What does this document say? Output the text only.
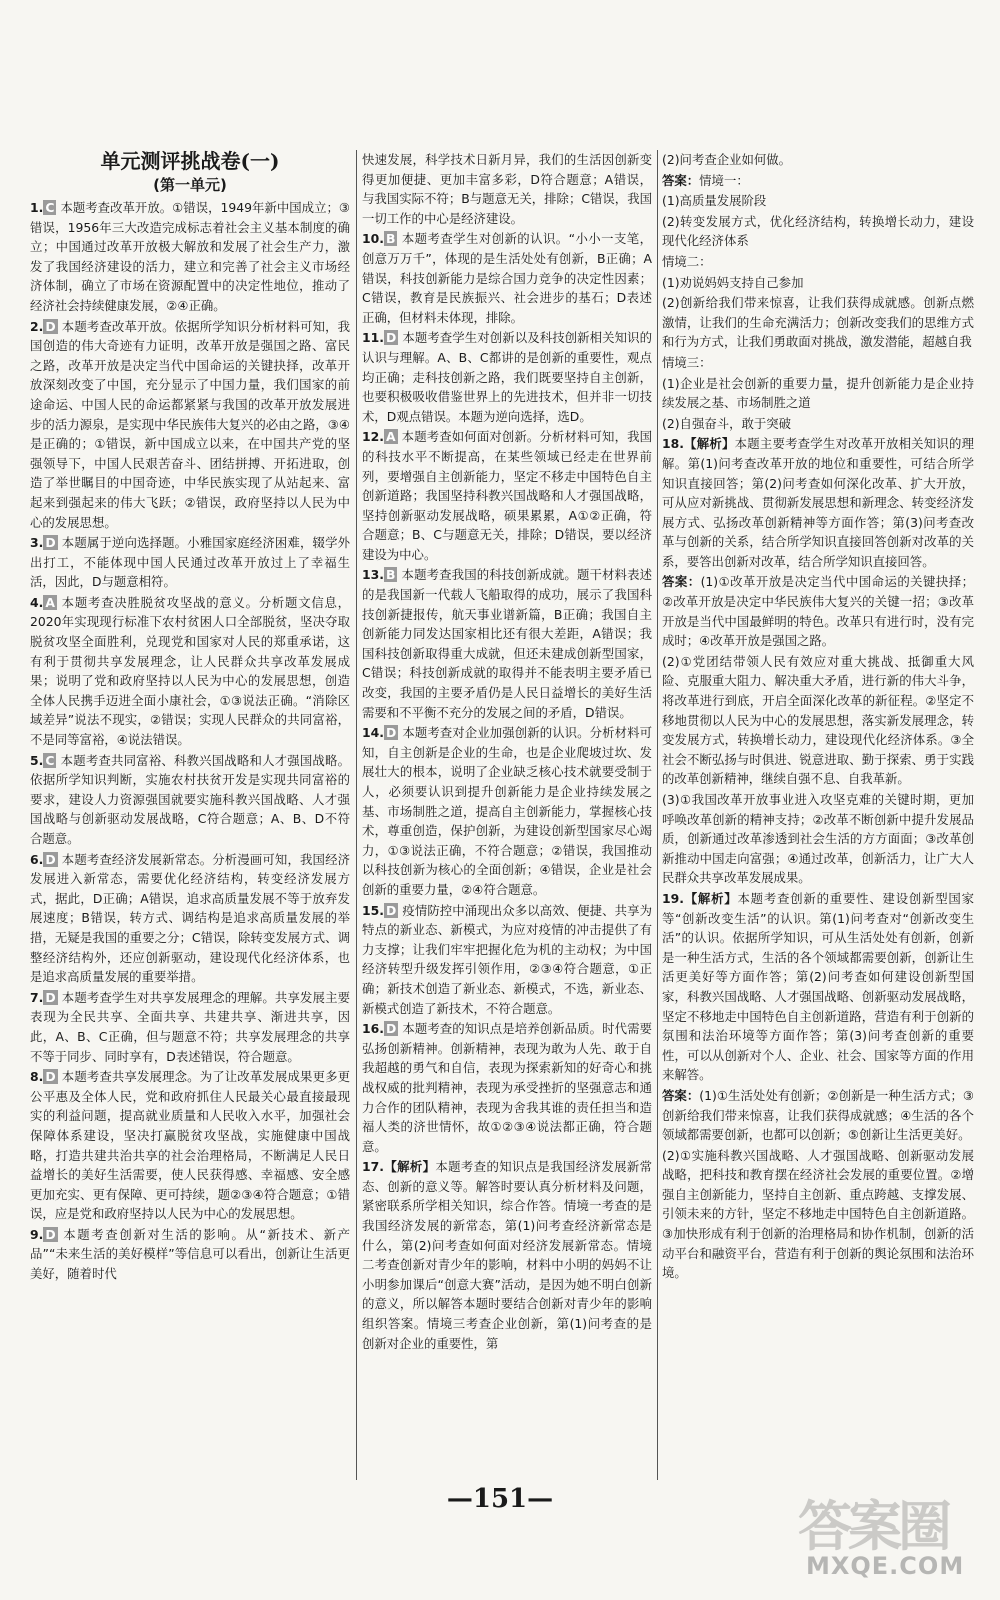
单元测评挑战卷(一)
(第一单元)

1. C 本题考查改革开放。①错误，1949年新中国成立；③错误，1956年三大改造完成标志着社会主义基本制度的确立；中国通过改革开放极大解放和发展了社会生产力，激发了我国经济建设的活力，建立和完善了社会主义市场经济体制，确立了市场在资源配置中的决定性地位，推动了经济社会持续健康发展，②④正确。

2. D 本题考查改革开放。依据所学知识分析材料可知，我国创造的伟大奇迹有力证明，改革开放是强国之路、富民之路，改革开放是决定当代中国命运的关键抉择，改革开放深刻改变了中国，充分显示了中国力量，我们国家的前途命运、中国人民的命运都紧紧与我国的改革开放发展进步的活力源泉，是实现中华民族伟大复兴的必由之路，③④是正确的；①错误，新中国成立以来，在中国共产党的坚强领导下，中国人民艰苦奋斗、团结拼搏、开拓进取，创造了举世瞩目的中国奇迹，中华民族实现了从站起来、富起来到强起来的伟大飞跃；②错误，政府坚持以人民为中心的发展思想。

3. D 本题属于逆向选择题。小雅国家庭经济困难，辍学外出打工，不能体现中国人民通过改革开放过上了幸福生活，因此，D与题意相符。

4. A 本题考查决胜脱贫攻坚战的意义。分析题文信息，2020年实现现行标准下农村贫困人口全部脱贫，坚决夺取脱贫攻坚全面胜利，兑现党和国家对人民的郑重承诺，这有利于贯彻共享发展理念，让人民群众共享改革发展成果；说明了党和政府坚持以人民为中心的发展思想，创造全体人民携手迈进全面小康社会，①③说法正确。“消除区域差异”说法不现实，②错误；实现人民群众的共同富裕，不是同等富裕，④说法错误。

5. C 本题考查共同富裕、科教兴国战略和人才强国战略。依据所学知识判断，实施农村扶贫开发是实现共同富裕的要求，建设人力资源强国就要实施科教兴国战略、人才强国战略与创新驱动发展战略，C符合题意；A、B、D不符合题意。

6. D 本题考查经济发展新常态。分析漫画可知，我国经济发展进入新常态，需要优化经济结构，转变经济发展方式，据此，D正确；A错误，追求高质量发展不等于放弃发展速度；B错误，转方式、调结构是追求高质量发展的举措，无疑是我国的重要之分；C错误，除转变发展方式、调整经济结构外，还应创新驱动，建设现代化经济体系，也是追求高质量发展的重要举措。

7. D 本题考查学生对共享发展理念的理解。共享发展主要表现为全民共享、全面共享、共建共享、渐进共享，因此，A、B、C正确，但与题意不符；共享发展理念的共享不等于同步、同时享有，D表述错误，符合题意。

8. D 本题考查共享发展理念。为了让改革发展成果更多更公平惠及全体人民，党和政府抓住人民最关心最直接最现实的利益问题，提高就业质量和人民收入水平，加强社会保障体系建设，坚决打赢脱贫攻坚战，实施健康中国战略，打造共建共治共享的社会治理格局，不断满足人民日益增长的美好生活需要，使人民获得感、幸福感、安全感更加充实、更有保障、更可持续，题②③④符合题意；①错误，应是党和政府坚持以人民为中心的发展思想。

9. D 本题考查创新对生活的影响。从“新技术、新产品”“未来生活的美好模样”等信息可以看出，创新让生活更美好，随着时代

快速发展，科学技术日新月异，我们的生活因创新变得更加便捷、更加丰富多彩，D符合题意；A错误，与我国实际不符；B与题意无关，排除；C错误，我国一切工作的中心是经济建设。

10. B 本题考查学生对创新的认识。“小小一支笔，创意万万千”，体现的是生活处处有创新，B正确；A错误，科技创新能力是综合国力竞争的决定性因素；C错误，教育是民族振兴、社会进步的基石；D表述正确，但材料未体现，排除。

11. D 本题考查学生对创新以及科技创新相关知识的认识与理解。A、B、C都讲的是创新的重要性，观点均正确；走科技创新之路，我们既要坚持自主创新，也要积极吸收借鉴世界上的先进技术，但并非一切技术，D观点错误。本题为逆向选择，选D。

12. A 本题考查如何面对创新。分析材料可知，我国的科技水平不断提高，在某些领域已经走在世界前列，要增强自主创新能力，坚定不移走中国特色自主创新道路；我国坚持科教兴国战略和人才强国战略，坚持创新驱动发展战略，硕果累累，A①②正确，符合题意；B、C与题意无关，排除；D错误，要以经济建设为中心。

13. B 本题考查我国的科技创新成就。题干材料表述的是我国新一代载人飞船取得的成功，展示了我国科技创新捷报传，航天事业谱新篇，B正确；我国自主创新能力同发达国家相比还有很大差距，A错误；我国科技创新取得重大成就，但还未建成创新型国家，C错误；科技创新成就的取得并不能表明主要矛盾已改变，我国的主要矛盾仍是人民日益增长的美好生活需要和不平衡不充分的发展之间的矛盾，D错误。

14. D 本题考查对企业加强创新的认识。分析材料可知，自主创新是企业的生命，也是企业爬坡过坎、发展壮大的根本，说明了企业缺乏核心技术就要受制于人，必须要认识到提升创新能力是企业持续发展之基、市场制胜之道，提高自主创新能力，掌握核心技术，尊重创造，保护创新，为建设创新型国家尽心竭力，①③说法正确，不符合题意；②错误，我国推动以科技创新为核心的全面创新；④错误，企业是社会创新的重要力量，②④符合题意。

15. D 疫情防控中涌现出众多以高效、便捷、共享为特点的新业态、新模式，为应对疫情的冲击提供了有力支撑；让我们牢牢把握化危为机的主动权；为中国经济转型升级发挥引领作用，②③④符合题意，①正确；新技术创造了新业态、新模式，不选，新业态、新模式创造了新技术，不符合题意。

16. D 本题考查的知识点是培养创新品质。时代需要弘扬创新精神。创新精神，表现为敢为人先、敢于自我超越的勇气和自信，表现为探索新知的好奇心和挑战权威的批判精神，表现为承受挫折的坚强意志和通力合作的团队精神，表现为舍我其谁的责任担当和造福人类的济世情怀，故①②③④说法都正确，符合题意。

17.【解析】本题考查的知识点是我国经济发展新常态、创新的意义等。解答时要认真分析材料及问题，紧密联系所学相关知识，综合作答。情境一考查的是我国经济发展的新常态，第(1)问考查经济新常态是什么，第(2)问考查如何面对经济发展新常态。情境二考查创新对青少年的影响，材料中小明的妈妈不让小明参加课后“创意大赛”活动，是因为她不明白创新的意义，所以解答本题时要结合创新对青少年的影响组织答案。情境三考查企业创新，第(1)问考查的是创新对企业的重要性，第

(2)问考查企业如何做。

答案：情境一：

(1)高质量发展阶段

(2)转变发展方式，优化经济结构，转换增长动力，建设现代化经济体系

情境二：

(1)劝说妈妈支持自己参加

(2)创新给我们带来惊喜，让我们获得成就感。创新点燃激情，让我们的生命充满活力；创新改变我们的思维方式和行为方式，让我们勇敢面对挑战，激发潜能，超越自我

情境三：

(1)企业是社会创新的重要力量，提升创新能力是企业持续发展之基、市场制胜之道

(2)自强奋斗，敢于突破

18.【解析】本题主要考查学生对改革开放相关知识的理解。第(1)问考查改革开放的地位和重要性，可结合所学知识直接回答；第(2)问考查如何深化改革、扩大开放，可从应对新挑战、贯彻新发展思想和新理念、转变经济发展方式、弘扬改革创新精神等方面作答；第(3)问考查改革与创新的关系，结合所学知识直接回答创新对改革的关系，要答出创新对改革，结合所学知识直接回答。

答案：(1)①改革开放是决定当代中国命运的关键抉择；②改革开放是决定中华民族伟大复兴的关键一招；③改革开放是当代中国最鲜明的特色。改革只有进行时，没有完成时；④改革开放是强国之路。

(2)①党团结带领人民有效应对重大挑战、抵御重大风险、克服重大阻力、解决重大矛盾，进行新的伟大斗争，将改革进行到底，开启全面深化改革的新征程。②坚定不移地贯彻以人民为中心的发展思想，落实新发展理念，转变发展方式，转换增长动力，建设现代化经济体系。③全社会不断弘扬与时俱进、锐意进取、勤于探索、勇于实践的改革创新精神，继续自强不息、自我革新。

(3)①我国改革开放事业进入攻坚克难的关键时期，更加呼唤改革创新的精神支持；②改革不断创新中提升发展品质，创新通过改革渗透到社会生活的方方面面；③改革创新推动中国走向富强；④通过改革，创新活力，让广大人民群众共享改革发展成果。

19.【解析】本题考查创新的重要性、建设创新型国家等“创新改变生活”的认识。第(1)问考查对“创新改变生活”的认识。依据所学知识，可从生活处处有创新，创新是一种生活方式，生活的各个领域都需要创新，创新让生活更美好等方面作答；第(2)问考查如何建设创新型国家，科教兴国战略、人才强国战略、创新驱动发展战略，坚定不移地走中国特色自主创新道路，营造有利于创新的氛围和法治环境等方面作答；第(3)问考查创新的重要性，可以从创新对个人、企业、社会、国家等方面的作用来解答。

答案：(1)①生活处处有创新；②创新是一种生活方式；③创新给我们带来惊喜，让我们获得成就感；④生活的各个领域都需要创新，也都可以创新；⑤创新让生活更美好。

(2)①实施科教兴国战略、人才强国战略、创新驱动发展战略，把科技和教育摆在经济社会发展的重要位置。②增强自主创新能力，坚持自主创新、重点跨越、支撑发展、引领未来的方针，坚定不移地走中国特色自主创新道路。③加快形成有利于创新的治理格局和协作机制，创新的活动平台和融资平台，营造有利于创新的舆论氛围和法治环境。

—151—	答案圈
MXQE.COM
